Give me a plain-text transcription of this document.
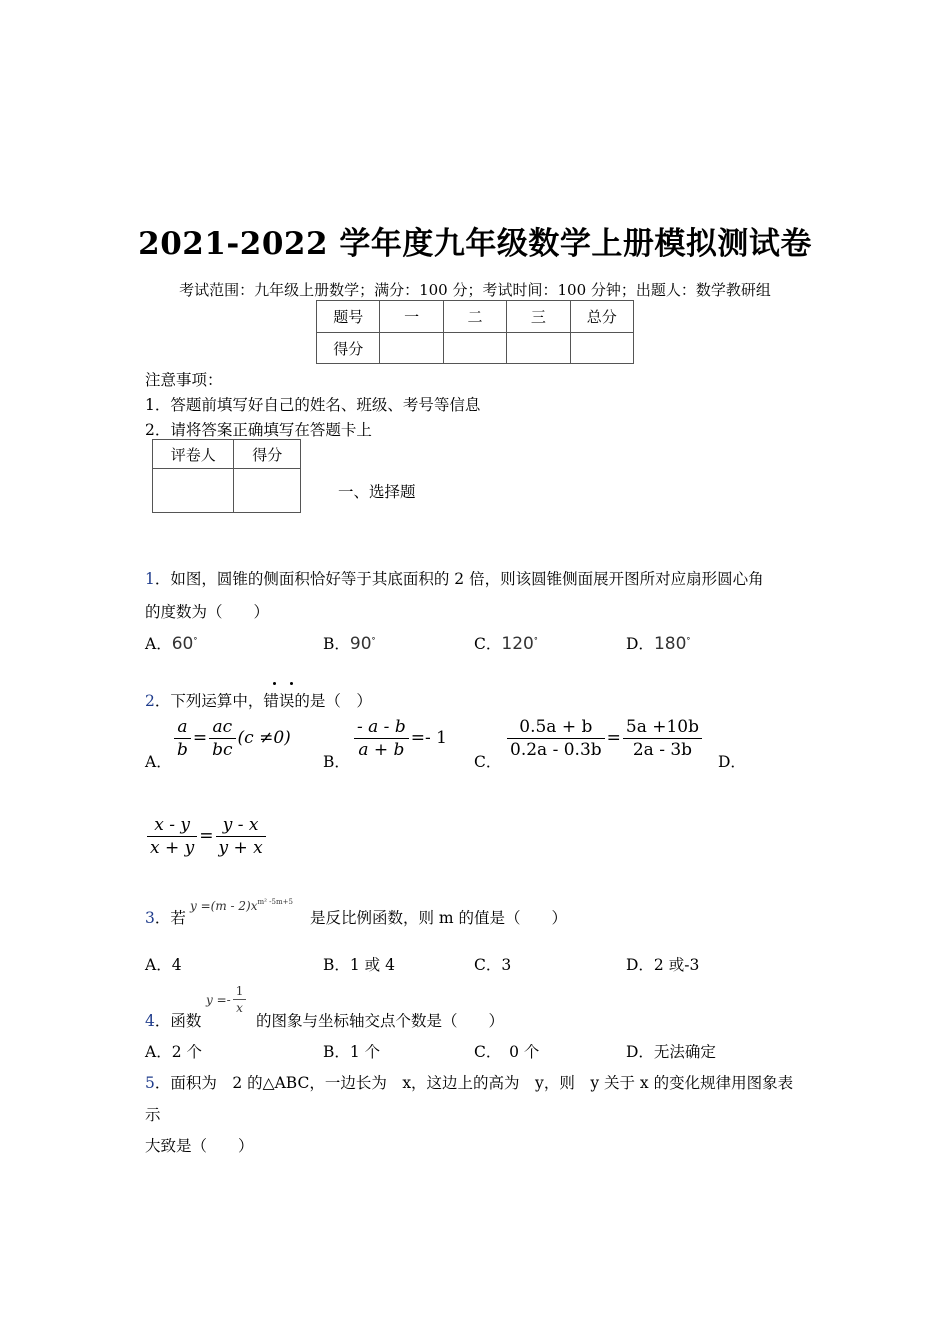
2021-2022 学年度九年级数学上册模拟测试卷
考试范围：九年级上册数学；满分：100 分；考试时间：100 分钟；出题人：数学教研组
题号	一	二	三	总分
得分				
注意事项：
1．答题前填写好自己的姓名、班级、考号等信息
2．请将答案正确填写在答题卡上
评卷人	得分

一、选择题
1．如图，圆锥的侧面积恰好等于其底面积的 2 倍，则该圆锥侧面展开图所对应扇形圆心角
的度数为（　　）
A．60°	B．90°	C．120°	D．180°
2．下列运算中，错误的是（　）
A．
$\frac{a}{b} = \frac{ac}{bc} (c \ne 0)$
B．
$\frac{- a - b}{a + b} =- 1$
C．
$\frac{0.5a + b}{0.2a - 0.3b} = \frac{5a +10b}{2a - 3b}$
D．
$\frac{x - y}{x + y} = \frac{y - x}{y + x}$
3．若
$y =(m - 2)x^{m^2 -5m+5}$
是反比例函数，则 m 的值是（　　）
A．4	B．1 或 4	C．3	D．2 或-3
4．函数
$y =- \frac{1}{x}$
的图象与坐标轴交点个数是（　　）
A．2 个	B．1 个	C．　0 个	D．无法确定
5．面积为　2 的△ABC，一边长为　x，这边上的高为　y，则　y 关于 x 的变化规律用图象表
示
大致是（　　）
